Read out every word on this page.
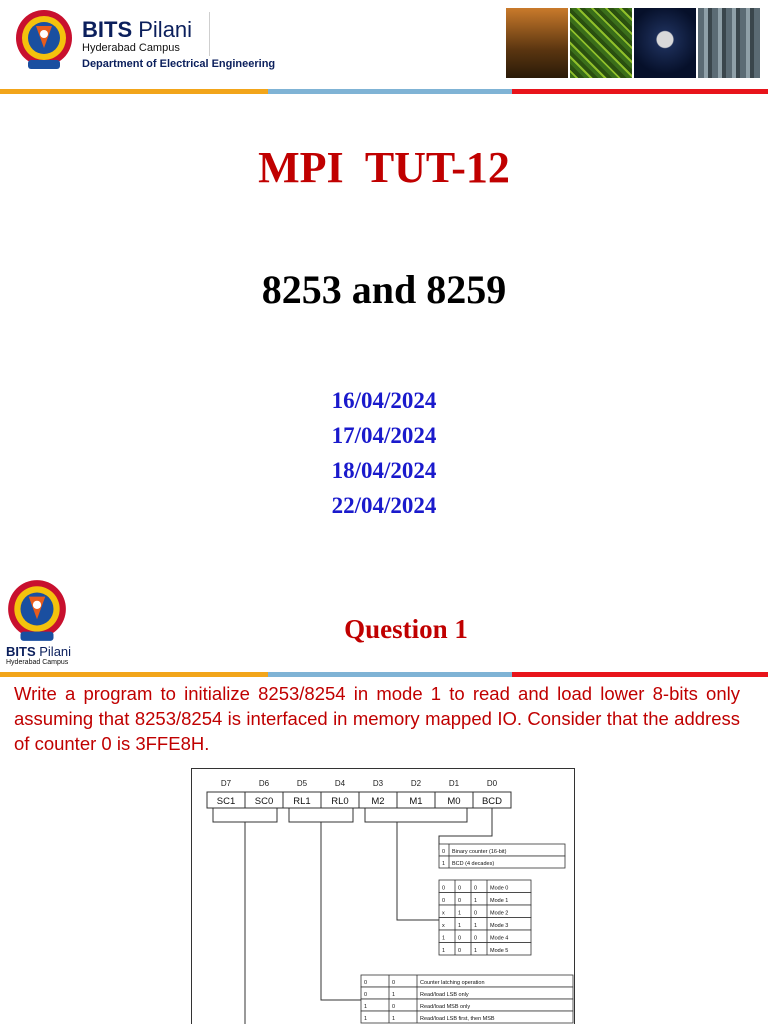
BITS Pilani
Hyderabad Campus
Department of Electrical Engineering
MPI  TUT-12
8253 and 8259
16/04/2024
17/04/2024
18/04/2024
22/04/2024
BITS Pilani
Hyderabad Campus
Question 1
Write a program to initialize 8253/8254 in mode 1 to read and load lower 8-bits only assuming that 8253/8254 is interfaced in memory mapped IO. Consider that the address of counter 0 is 3FFE8H.
D7	D6	D5	D4	D3	D2	D1	D0
SC1 SC0 RL1 RL0 M2	M1	M0 BCD
0 Binary counter (16-bit)
1 BCD (4 decades)
0 0 0 Mode 0
0 0 1 Mode 1
x 1 0 Mode 2
x 1 1 Mode 3
1 0 0 Mode 4
1 0 1 Mode 5
0	0	Counter latching operation
0	1	Read/load LSB only
1	0	Read/load MSB only
1	1	Read/load LSB first, then MSB
